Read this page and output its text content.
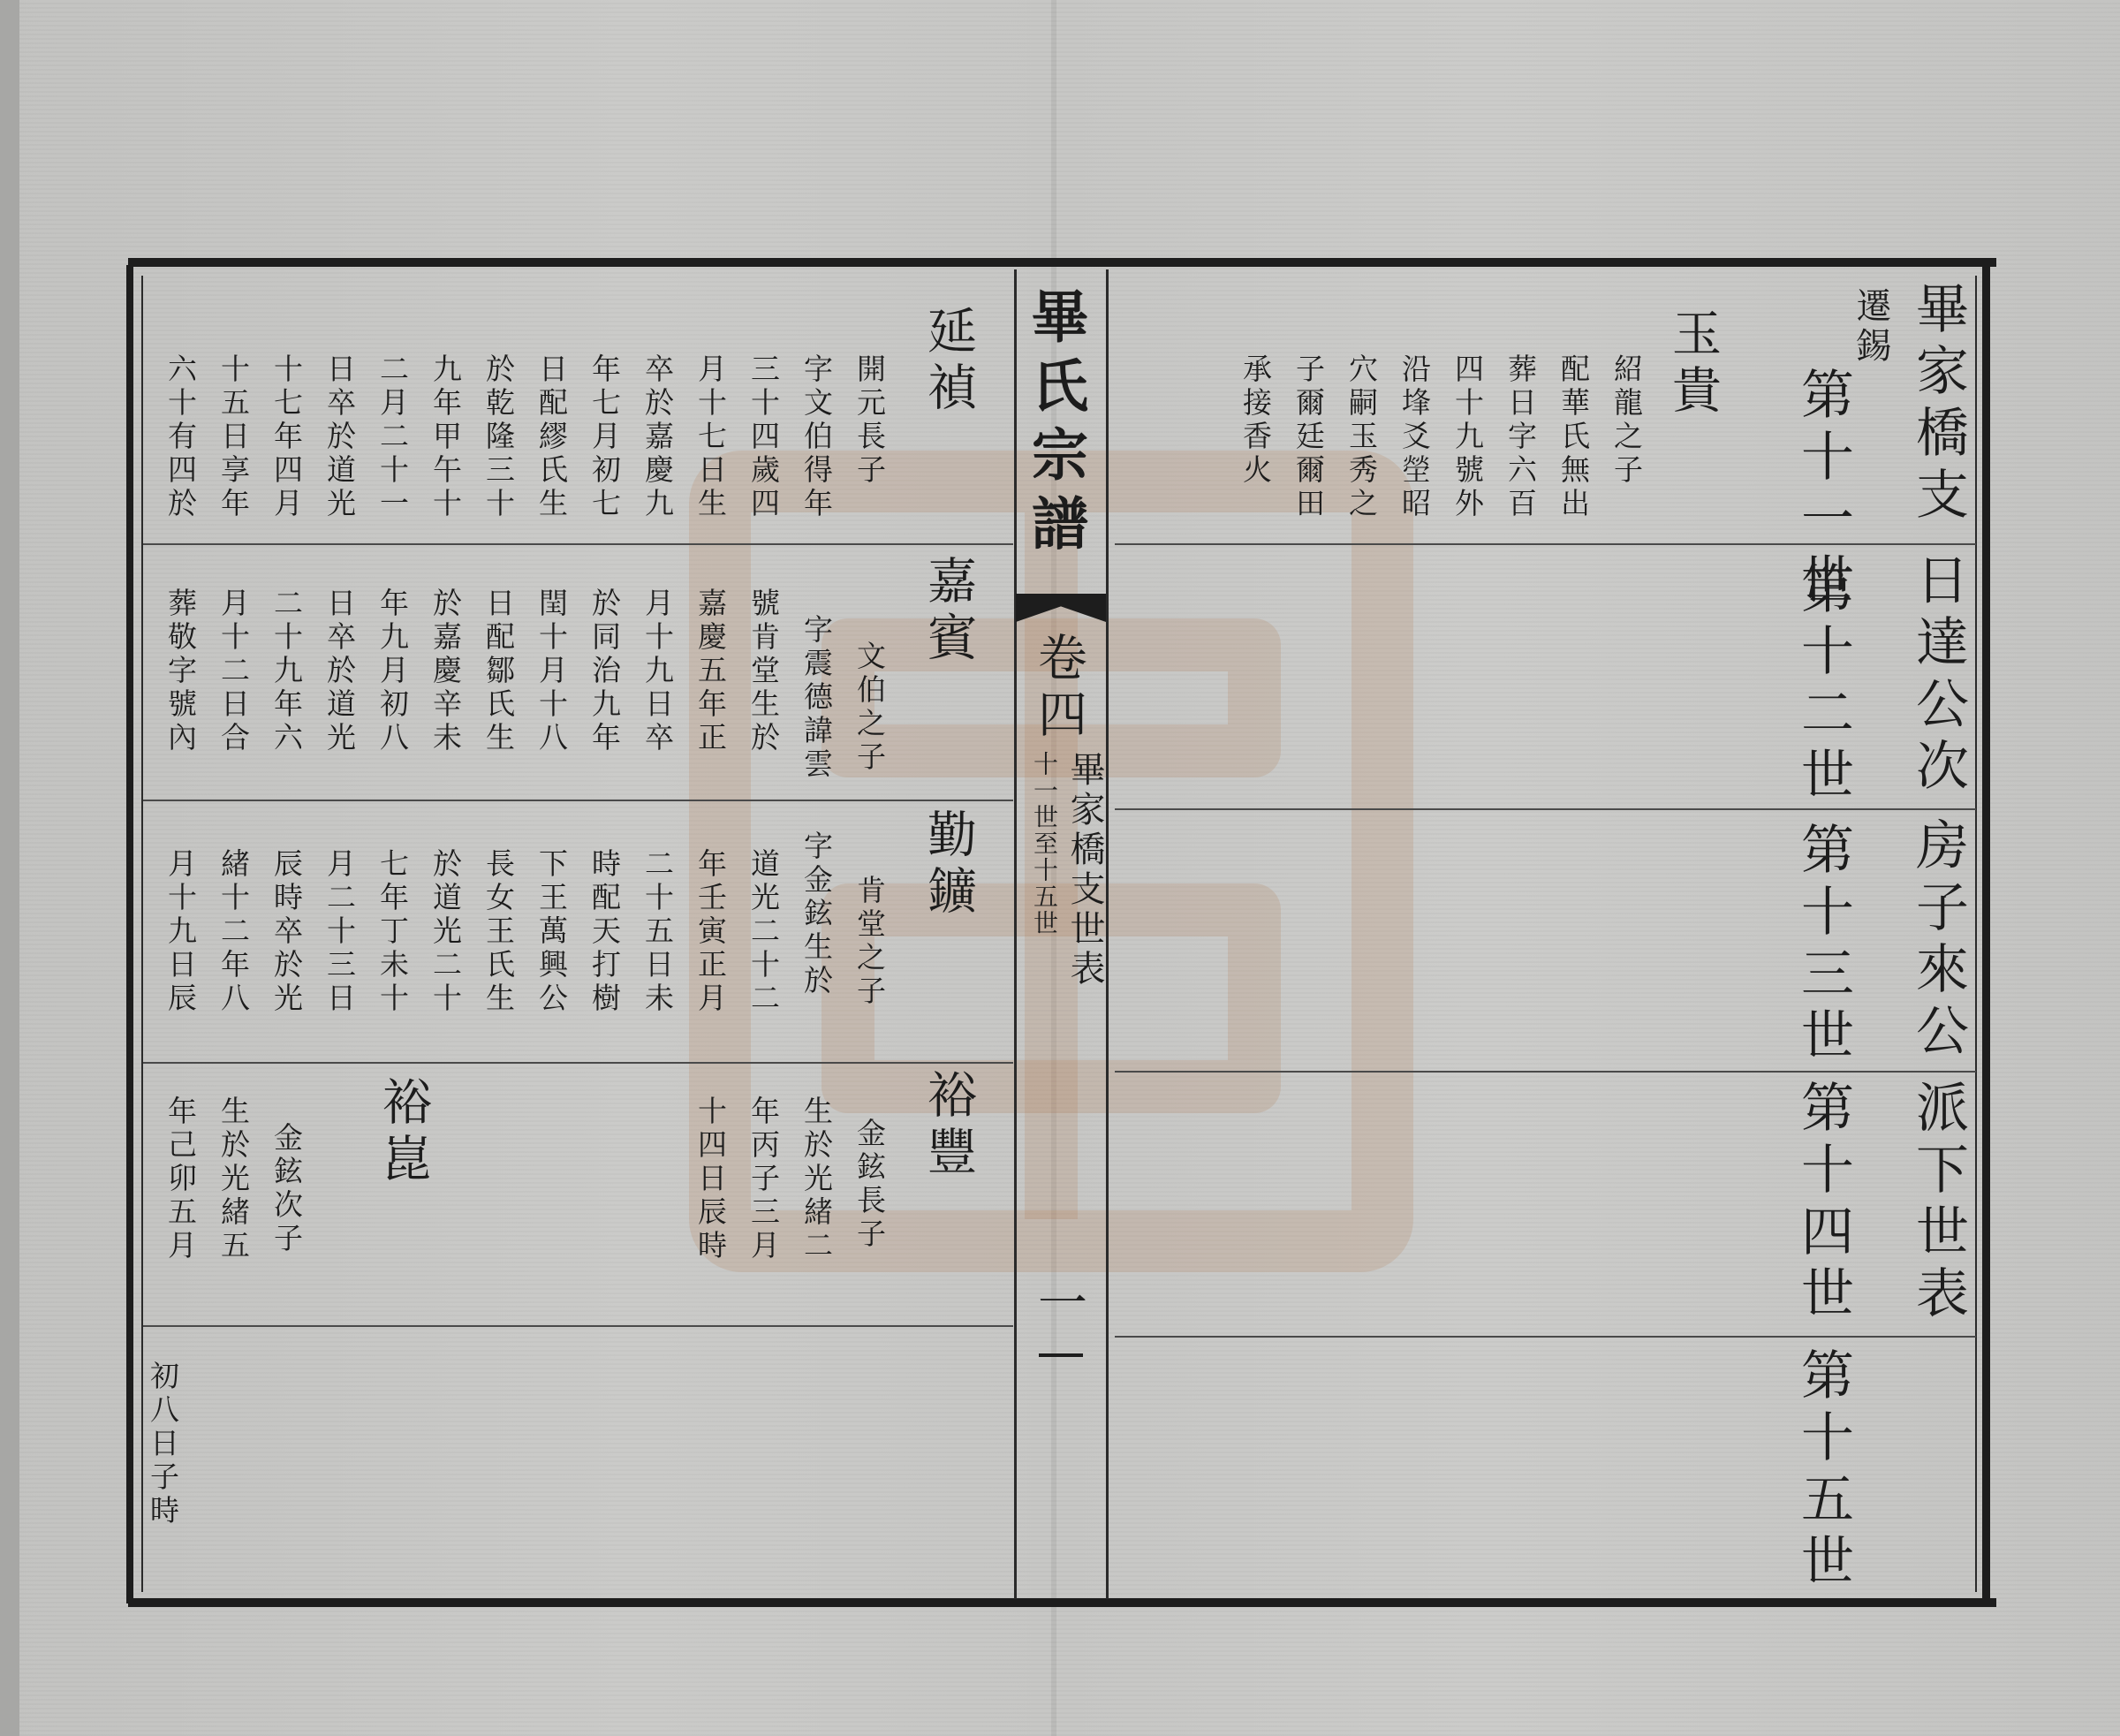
畢氏宗譜
卷四
十一世至十五世 畢家橋支世表
一
畢家橋支
日達公次
房子來公
派下世表
遷錫
第十一世
第十二世
第十三世
第十四世
第十五世
玉貴
紹龍之子
配華氏無出
葬日字六百
四十九號外
沿埄爻塋昭
穴嗣玉秀之
子爾廷爾田
承接香火
延禎
開元長子
字文伯得年
三十四歲四
月十七日生
卒於嘉慶九
年七月初七
日配繆氏生
於乾隆三十
九年甲午十
二月二十一
日卒於道光
十七年四月
十五日享年
六十有四於
嘉賓
文伯之子
字震德諱雲
號肯堂生於
嘉慶五年正
月十九日卒
於同治九年
閏十月十八
日配鄒氏生
於嘉慶辛未
年九月初八
日卒於道光
二十九年六
月十二日合
葬敬字號內
勤鑛
肯堂之子
字金鉉生於
道光二十二
年壬寅正月
二十五日未
時配天打樹
下王萬興公
長女王氏生
於道光二十
七年丁未十
月二十三日
辰時卒於光
緒十二年八
月十九日辰
裕豐
金鉉長子
生於光緒二
年丙子三月
十四日辰時
裕崑
金鉉次子
生於光緒五
年己卯五月
初八日子時
